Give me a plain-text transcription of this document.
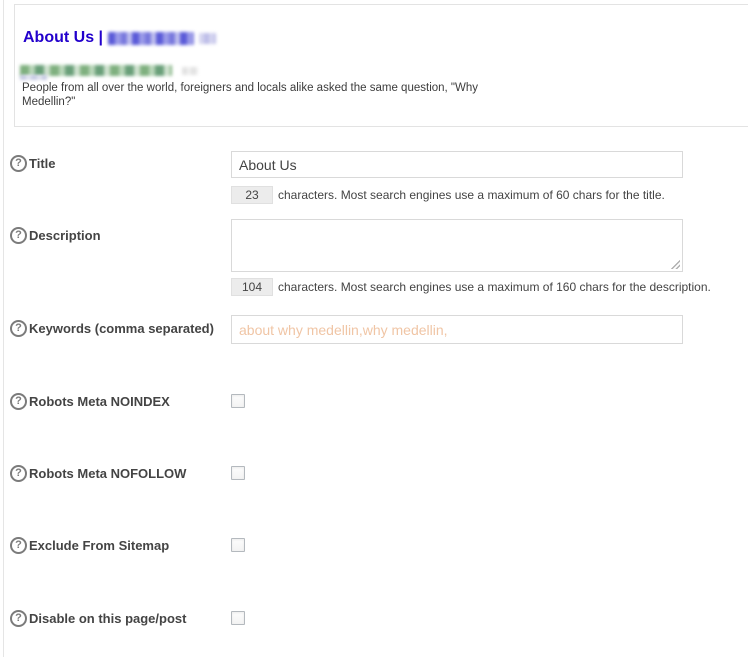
About Us |
People from all over the world, foreigners and locals alike asked the same question, "Why
Medellin?"
? Title
About Us
23	characters. Most search engines use a maximum of 60 chars for the title.
? Description
104	characters. Most search engines use a maximum of 160 chars for the description.
? Keywords (comma separated)
about why medellin,why medellin,
? Robots Meta NOINDEX
? Robots Meta NOFOLLOW
? Exclude From Sitemap
? Disable on this page/post
